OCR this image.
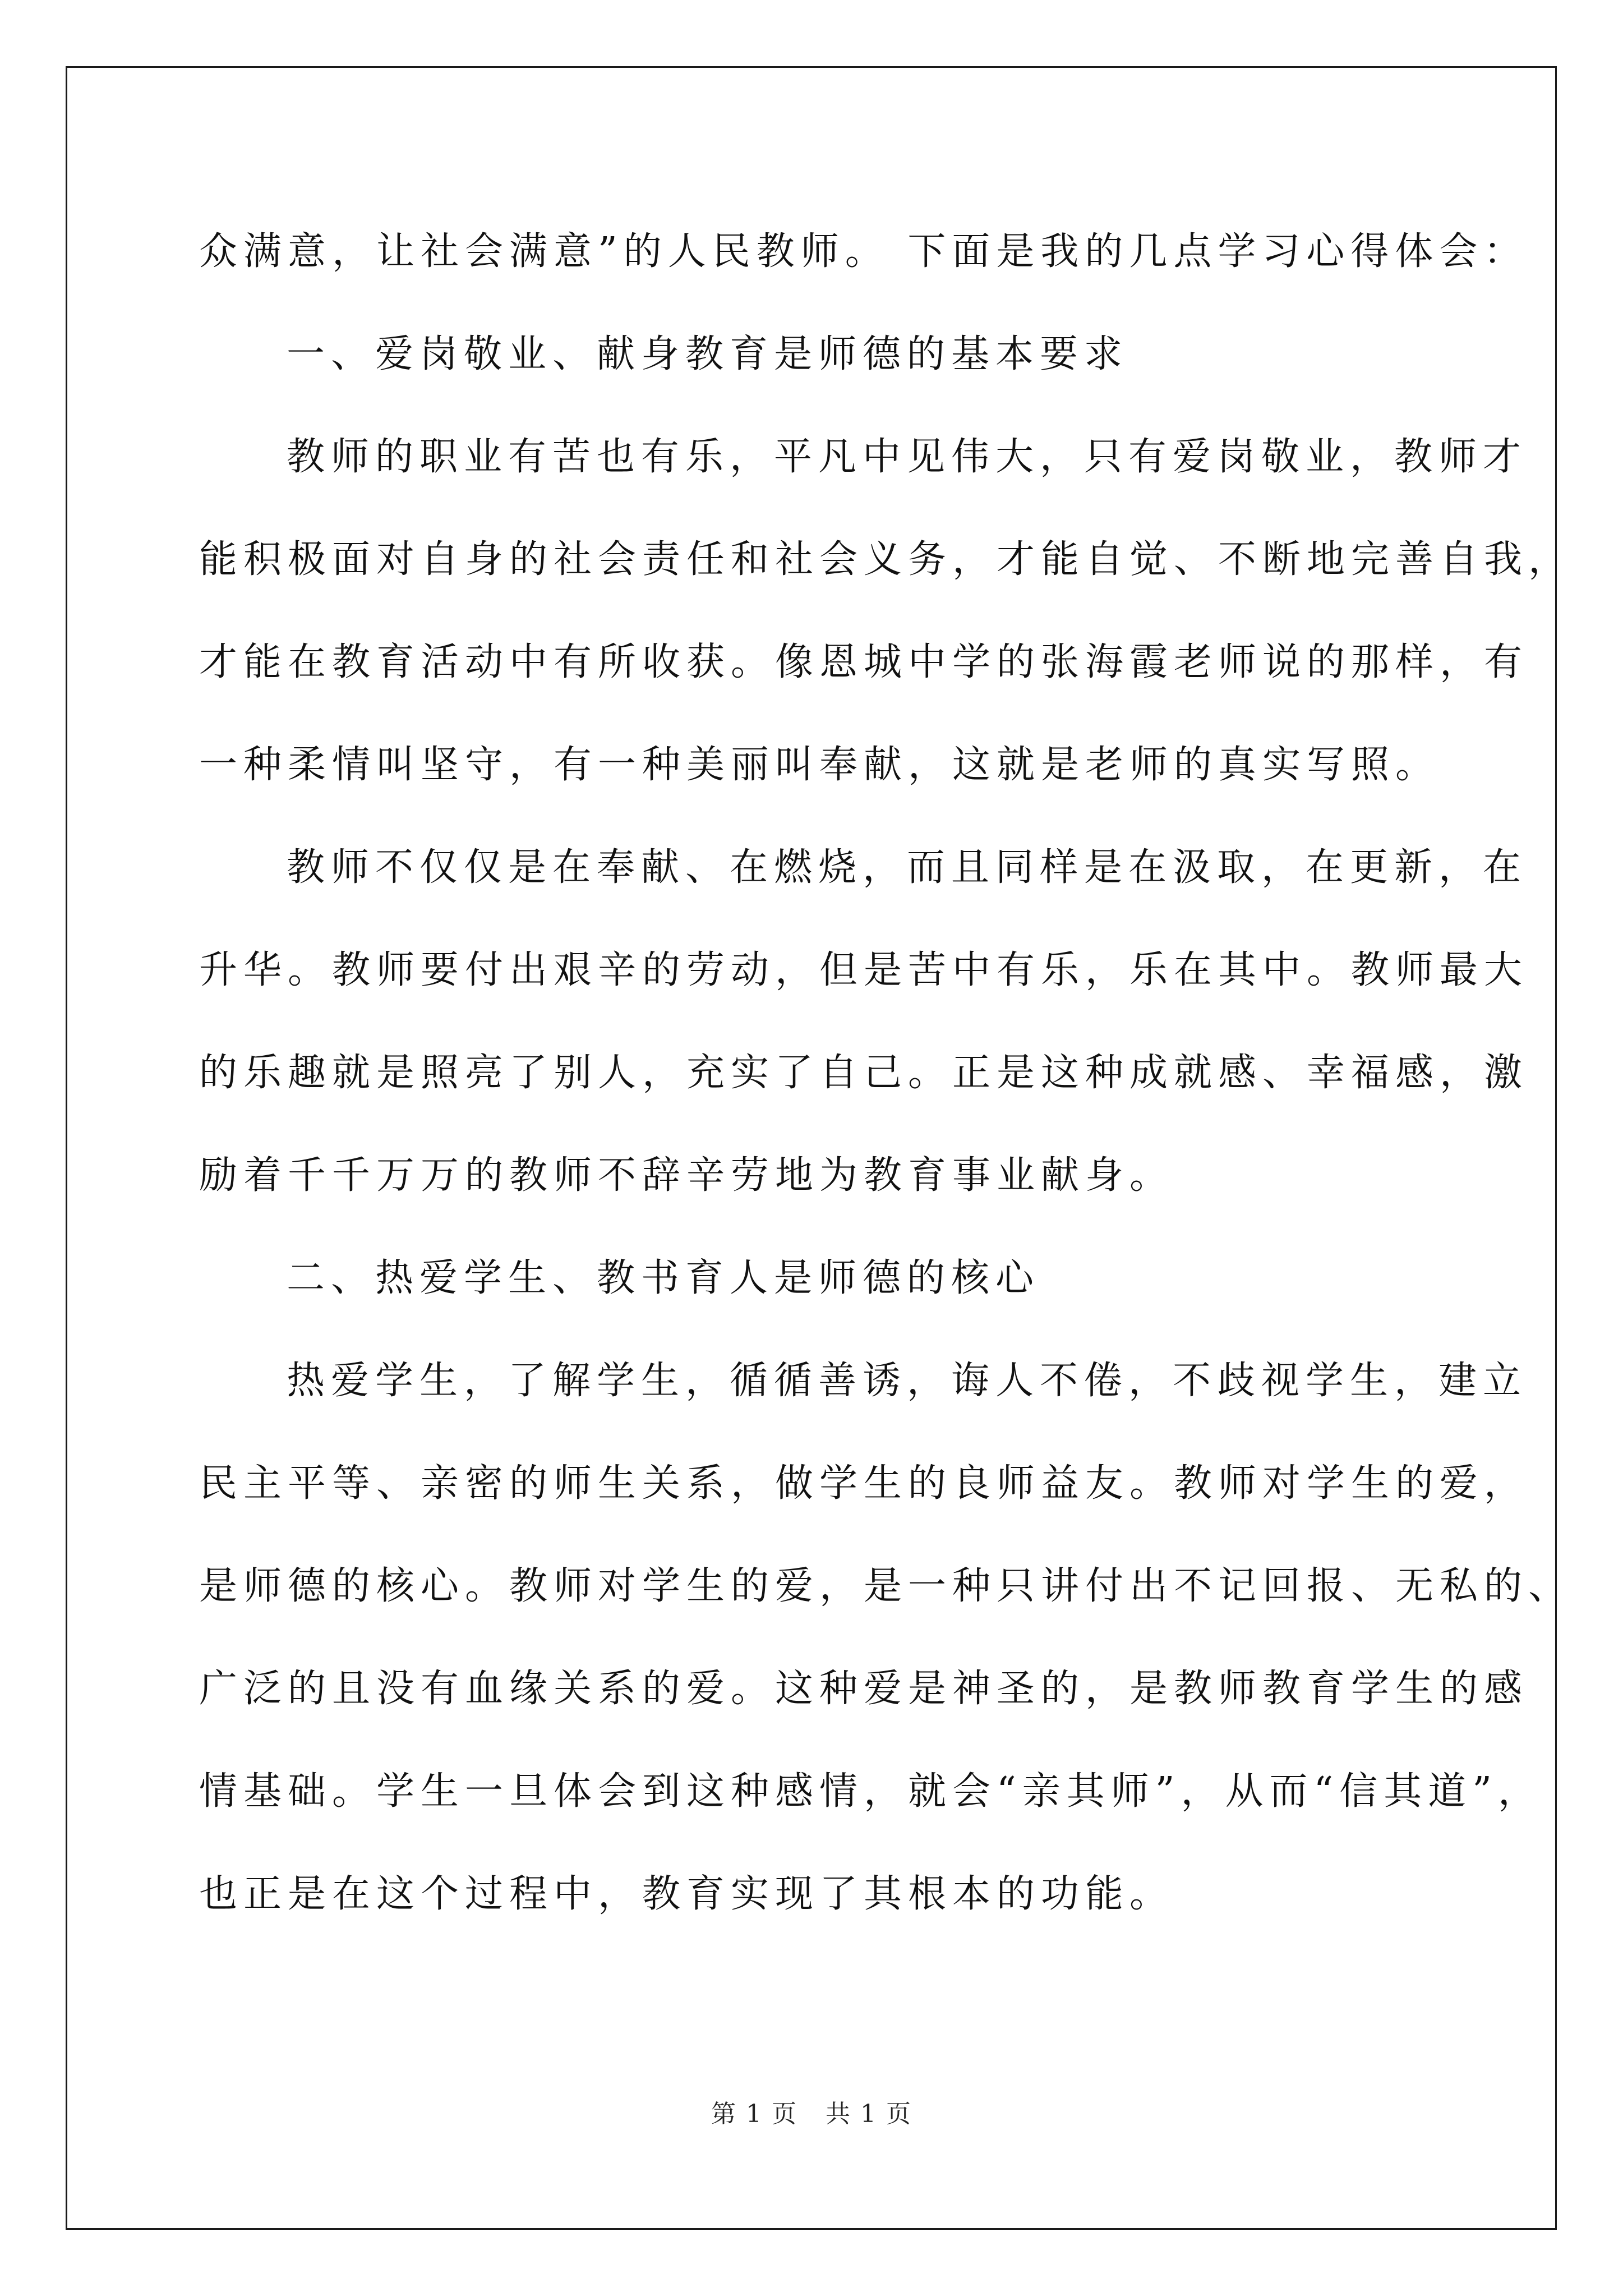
众满意，让社会满意”的人民教师。 下面是我的几点学习心得体会：
一、爱岗敬业、献身教育是师德的基本要求
教师的职业有苦也有乐，平凡中见伟大，只有爱岗敬业，教师才
能积极面对自身的社会责任和社会义务，才能自觉、不断地完善自我，
才能在教育活动中有所收获。像恩城中学的张海霞老师说的那样，有
一种柔情叫坚守，有一种美丽叫奉献，这就是老师的真实写照。
教师不仅仅是在奉献、在燃烧，而且同样是在汲取，在更新，在
升华。教师要付出艰辛的劳动，但是苦中有乐，乐在其中。教师最大
的乐趣就是照亮了别人，充实了自己。正是这种成就感、幸福感，激
励着千千万万的教师不辞辛劳地为教育事业献身。
二、热爱学生、教书育人是师德的核心
热爱学生，了解学生，循循善诱，诲人不倦，不歧视学生，建立
民主平等、亲密的师生关系，做学生的良师益友。教师对学生的爱，
是师德的核心。教师对学生的爱，是一种只讲付出不记回报、无私的、
广泛的且没有血缘关系的爱。这种爱是神圣的，是教师教育学生的感
情基础。学生一旦体会到这种感情，就会“亲其师”，从而“信其道”，
也正是在这个过程中，教育实现了其根本的功能。
第 1 页 共 1 页
